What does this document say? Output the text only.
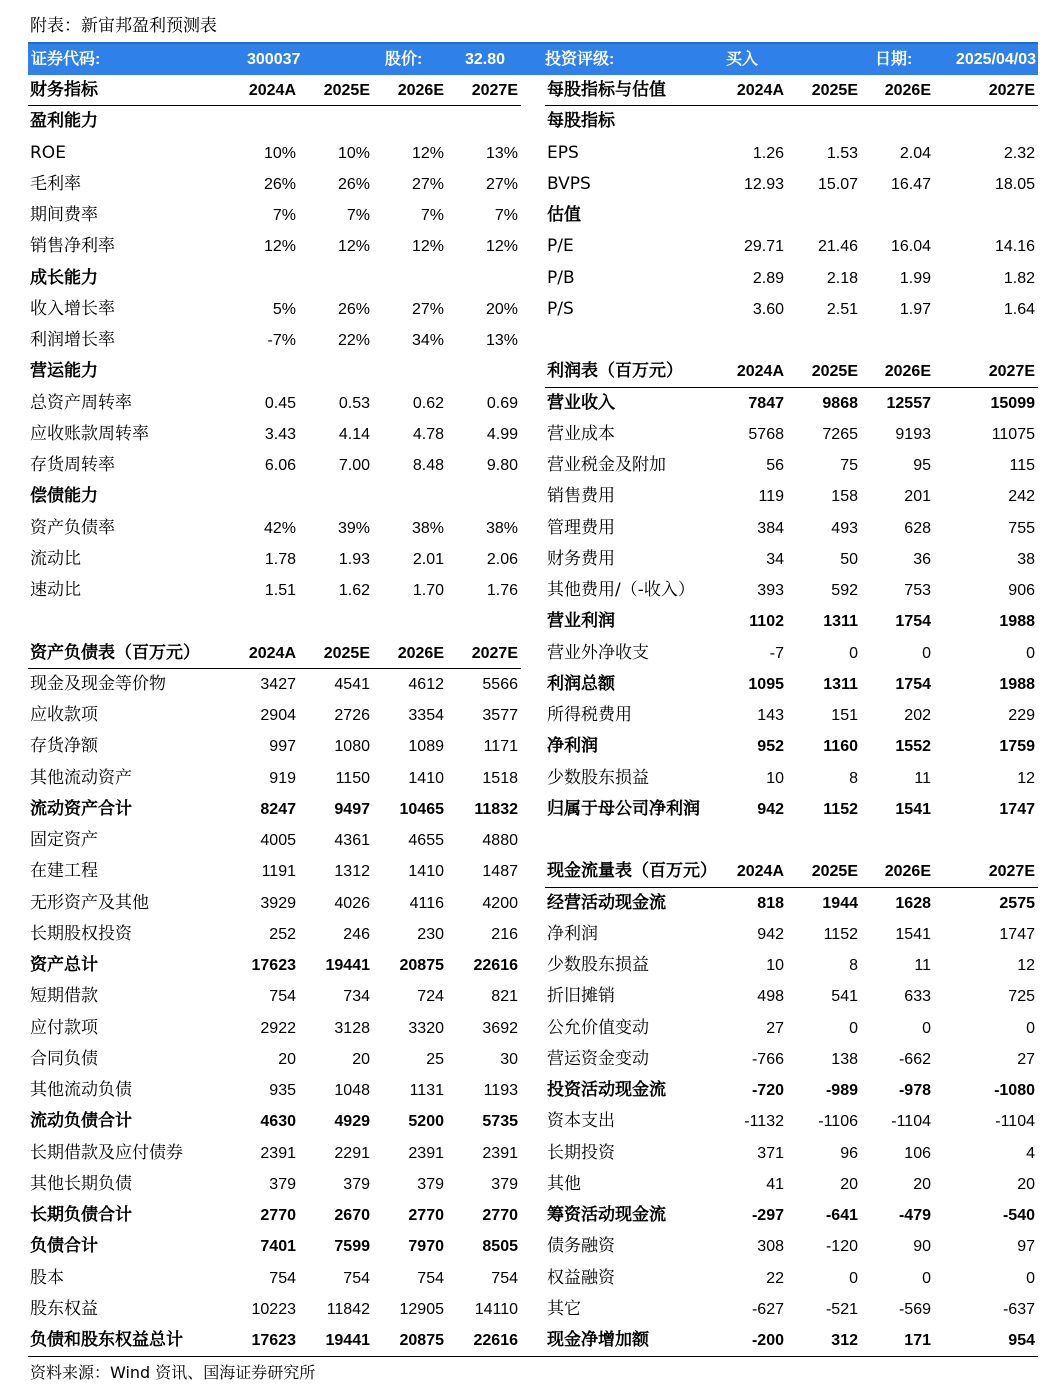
附表：新宙邦盈利预测表
证券代码:	300037	股价:	32.80 投资评级:	买入	日期:	2025/04/03
财务指标	2024A 2025E 2026E 2027E
盈利能力
ROE	10%	10%	12%	13%
毛利率	26%	26%	27%	27%
期间费率	7%	7%	7%	7%
销售净利率	12%	12%	12%	12%
成长能力
收入增长率	5%	26%	27%	20%
利润增长率	-7%	22%	34%	13%
营运能力
总资产周转率	0.45	0.53	0.62	0.69
应收账款周转率	3.43	4.14	4.78	4.99
存货周转率	6.06	7.00	8.48	9.80
偿债能力
资产负债率	42%	39%	38%	38%
流动比	1.78	1.93	2.01	2.06
速动比	1.51	1.62	1.70	1.76
资产负债表（百万元）	2024A 2025E 2026E 2027E
现金及现金等价物	3427 4541 4612 5566
应收款项	2904 2726 3354 3577
存货净额	997 1080 1089 1171
其他流动资产	919 1150 1410 1518
流动资产合计	8247 9497 10465 11832
固定资产	4005 4361 4655 4880
在建工程	1191 1312 1410 1487
无形资产及其他	3929 4026 4116 4200
长期股权投资	252	246	230	216
资产总计	17623 19441 20875 22616
短期借款	754	734	724	821
应付款项	2922 3128 3320 3692
合同负债	20	20	25	30
其他流动负债	935 1048 1131 1193
流动负债合计	4630 4929 5200 5735
长期借款及应付债券	2391 2291 2391 2391
其他长期负债	379	379	379	379
长期负债合计	2770 2670 2770 2770
负债合计	7401 7599 7970 8505
股本	754	754	754	754
股东权益	10223 11842 12905 14110
负债和股东权益总计	17623 19441 20875 22616
每股指标与估值	2024A 2025E 2026E	2027E
每股指标
EPS	1.26	1.53	2.04	2.32
BVPS	12.93 15.07 16.47	18.05
估值
P/E	29.71 21.46 16.04	14.16
P/B	2.89	2.18	1.99	1.82
P/S	3.60	2.51	1.97	1.64
利润表（百万元）	2024A 2025E 2026E	2027E
营业收入	7847 9868 12557	15099
营业成本	5768 7265 9193	11075
营业税金及附加	56	75	95	115
销售费用	119	158	201	242
管理费用	384	493	628	755
财务费用	34	50	36	38
其他费用/（-收入）	393	592	753	906
营业利润	1102 1311 1754	1988
营业外净收支	-7	0	0	0
利润总额	1095 1311 1754	1988
所得税费用	143	151	202	229
净利润	952 1160 1552	1759
少数股东损益	10	8	11	12
归属于母公司净利润	942 1152 1541	1747
现金流量表（百万元） 2024A 2025E 2026E	2027E
经营活动现金流	818 1944 1628	2575
净利润	942 1152 1541	1747
少数股东损益	10	8	11	12
折旧摊销	498	541	633	725
公允价值变动	27	0	0	0
营运资金变动	-766	138	-662	27
投资活动现金流	-720	-989	-978	-1080
资本支出	-1132 -1106 -1104	-1104
长期投资	371	96	106	4
其他	41	20	20	20
筹资活动现金流	-297	-641	-479	-540
债务融资	308	-120	90	97
权益融资	22	0	0	0
其它	-627	-521	-569	-637
现金净增加额	-200	312	171	954
资料来源：Wind 资讯、国海证券研究所
